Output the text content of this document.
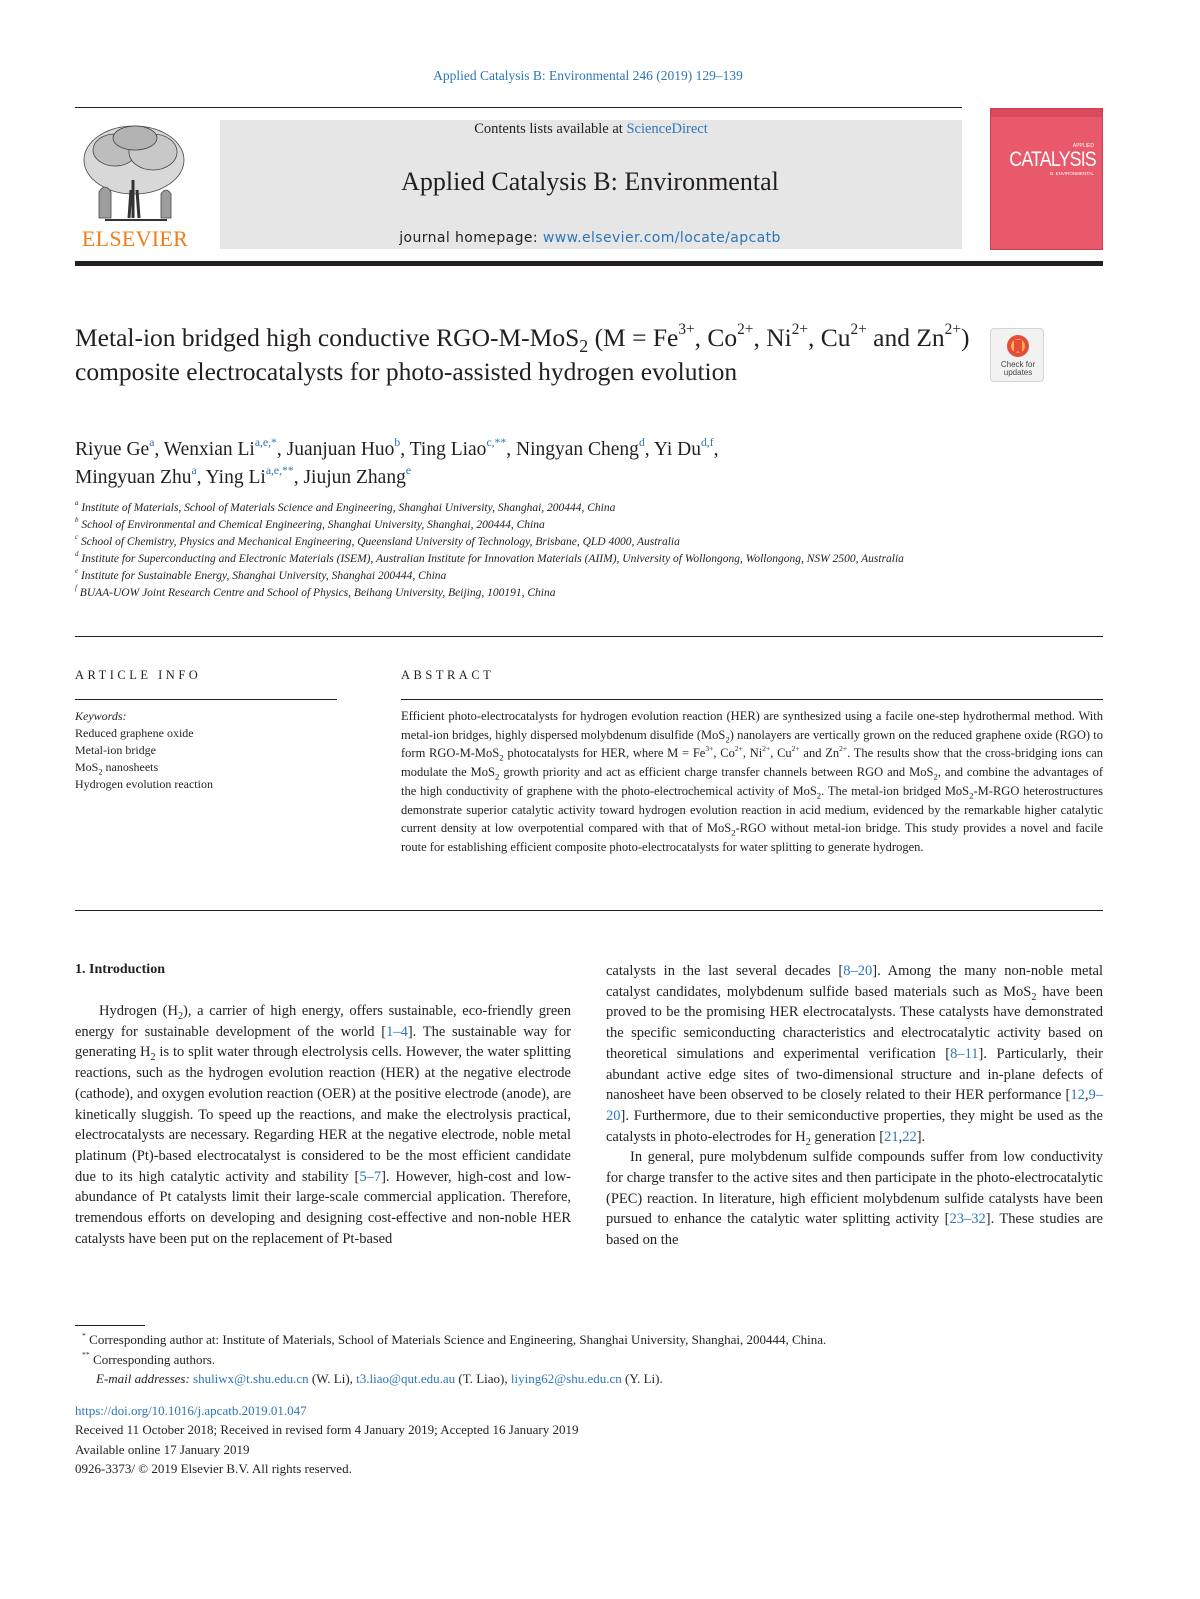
Applied Catalysis B: Environmental 246 (2019) 129–139
ELSEVIER
Contents lists available at ScienceDirect
Applied Catalysis B: Environmental
journal homepage: www.elsevier.com/locate/apcatb
APPLIED
CATALYSIS
B: ENVIRONMENTAL
Metal-ion bridged high conductive RGO-M-MoS$_2$ ($M = Fe^{3+}$, $Co^{2+}$, $Ni^{2+}$, $Cu^{2+}$ and $Zn^{2+}$) composite electrocatalysts for photo-assisted hydrogen evolution	Check for updates
Riyue Ge$^a$, Wenxian $Li^{a,e,*}$, Juanjuan Huo$^b$, Ting Liao$^{c,**}$, Ningyan Cheng$^d$, Yi Du$^{d,f}$,
Mingyuan Zhu$^a$, Ying $Li^{a,e,**}$, Jiujun Zhang$^e$
$^a$ Institute of Materials, School of Materials Science and Engineering, Shanghai University, Shanghai, 200444, China
$^b$ School of Environmental and Chemical Engineering, Shanghai University, Shanghai, 200444, China
$^c$ School of Chemistry, Physics and Mechanical Engineering, Queensland University of Technology, Brisbane, QLD 4000, Australia
$^d$ Institute for Superconducting and Electronic Materials (ISEM), Australian Institute for Innovation Materials (AIIM), University of Wollongong, Wollongong, NSW 2500, Australia
$^e$ Institute for Sustainable Energy, Shanghai University, Shanghai 200444, China
$^f$ BUAA-UOW Joint Research Centre and School of Physics, Beihang University, Beijing, 100191, China
ARTICLE INFO	ABSTRACT
Keywords:
Reduced graphene oxide
Metal-ion bridge
MoS$_2$ nanosheets
Hydrogen evolution reaction
Efficient photo-electrocatalysts for hydrogen evolution reaction (HER) are synthesized using a facile one-step hydrothermal method. With metal-ion bridges, highly dispersed molybdenum disulfide (MoS$_2$) nanolayers are vertically grown on the reduced graphene oxide (RGO) to form RGO-M-MoS$_2$ photocatalysts for HER, where $M = Fe^{3+}$, $Co^{2+}$, $Ni^{2+}$, $Cu^{2+}$ and $Zn^{2+}$. The results show that the cross-bridging ions can modulate the MoS$_2$ growth priority and act as efficient charge transfer channels between RGO and MoS$_2$, and combine the advantages of the high conductivity of graphene with the photo-electrochemical activity of MoS$_2$. The metal-ion bridged MoS$_2$-M-RGO heterostructures demonstrate superior catalytic activity toward hydrogen evolution reaction in acid medium, evidenced by the remarkable higher catalytic current density at low overpotential compared with that of MoS$_2$-RGO without metal-ion bridge. This study provides a novel and facile route for establishing efficient composite photo-electrocatalysts for water splitting to generate hydrogen.
1. Introduction
Hydrogen $(H_2)$, a carrier of high energy, offers sustainable, eco-friendly green energy for sustainable development of the world [1–4]. The sustainable way for generating $H_2$ is to split water through electrolysis cells. However, the water splitting reactions, such as the hydrogen evolution reaction (HER) at the negative electrode (cathode), and oxygen evolution reaction (OER) at the positive electrode (anode), are kinetically sluggish. To speed up the reactions, and make the electrolysis practical, electrocatalysts are necessary. Regarding HER at the negative electrode, noble metal platinum (Pt)-based electrocatalyst is considered to be the most efficient candidate due to its high catalytic activity and stability [5–7]. However, high-cost and low-abundance of Pt catalysts limit their large-scale commercial application. Therefore, tremendous efforts on developing and designing cost-effective and non-noble HER catalysts have been put on the replacement of Pt-based
catalysts in the last several decades [8–20]. Among the many non-noble metal catalyst candidates, molybdenum sulfide based materials such as MoS$_2$ have been proved to be the promising HER electrocatalysts. These catalysts have demonstrated the specific semiconducting characteristics and electrocatalytic activity based on theoretical simulations and experimental verification [8–11]. Particularly, their abundant active edge sites of two-dimensional structure and in-plane defects of nanosheet have been observed to be closely related to their HER performance [12,9–20]. Furthermore, due to their semiconductive properties, they might be used as the catalysts in photo-electrodes for $H_2$ generation [21,22].
In general, pure molybdenum sulfide compounds suffer from low conductivity for charge transfer to the active sites and then participate in the photo-electrocatalytic (PEC) reaction. In literature, high efficient molybdenum sulfide catalysts have been pursued to enhance the catalytic water splitting activity [23–32]. These studies are based on the
* Corresponding author at: Institute of Materials, School of Materials Science and Engineering, Shanghai University, Shanghai, 200444, China.
** Corresponding authors.
E-mail addresses: shuliwx@t.shu.edu.cn (W. Li), t3.liao@qut.edu.au (T. Liao), liying62@shu.edu.cn (Y. Li).
https://doi.org/10.1016/j.apcatb.2019.01.047
Received 11 October 2018; Received in revised form 4 January 2019; Accepted 16 January 2019
Available online 17 January 2019
0926-3373/ © 2019 Elsevier B.V. All rights reserved.
